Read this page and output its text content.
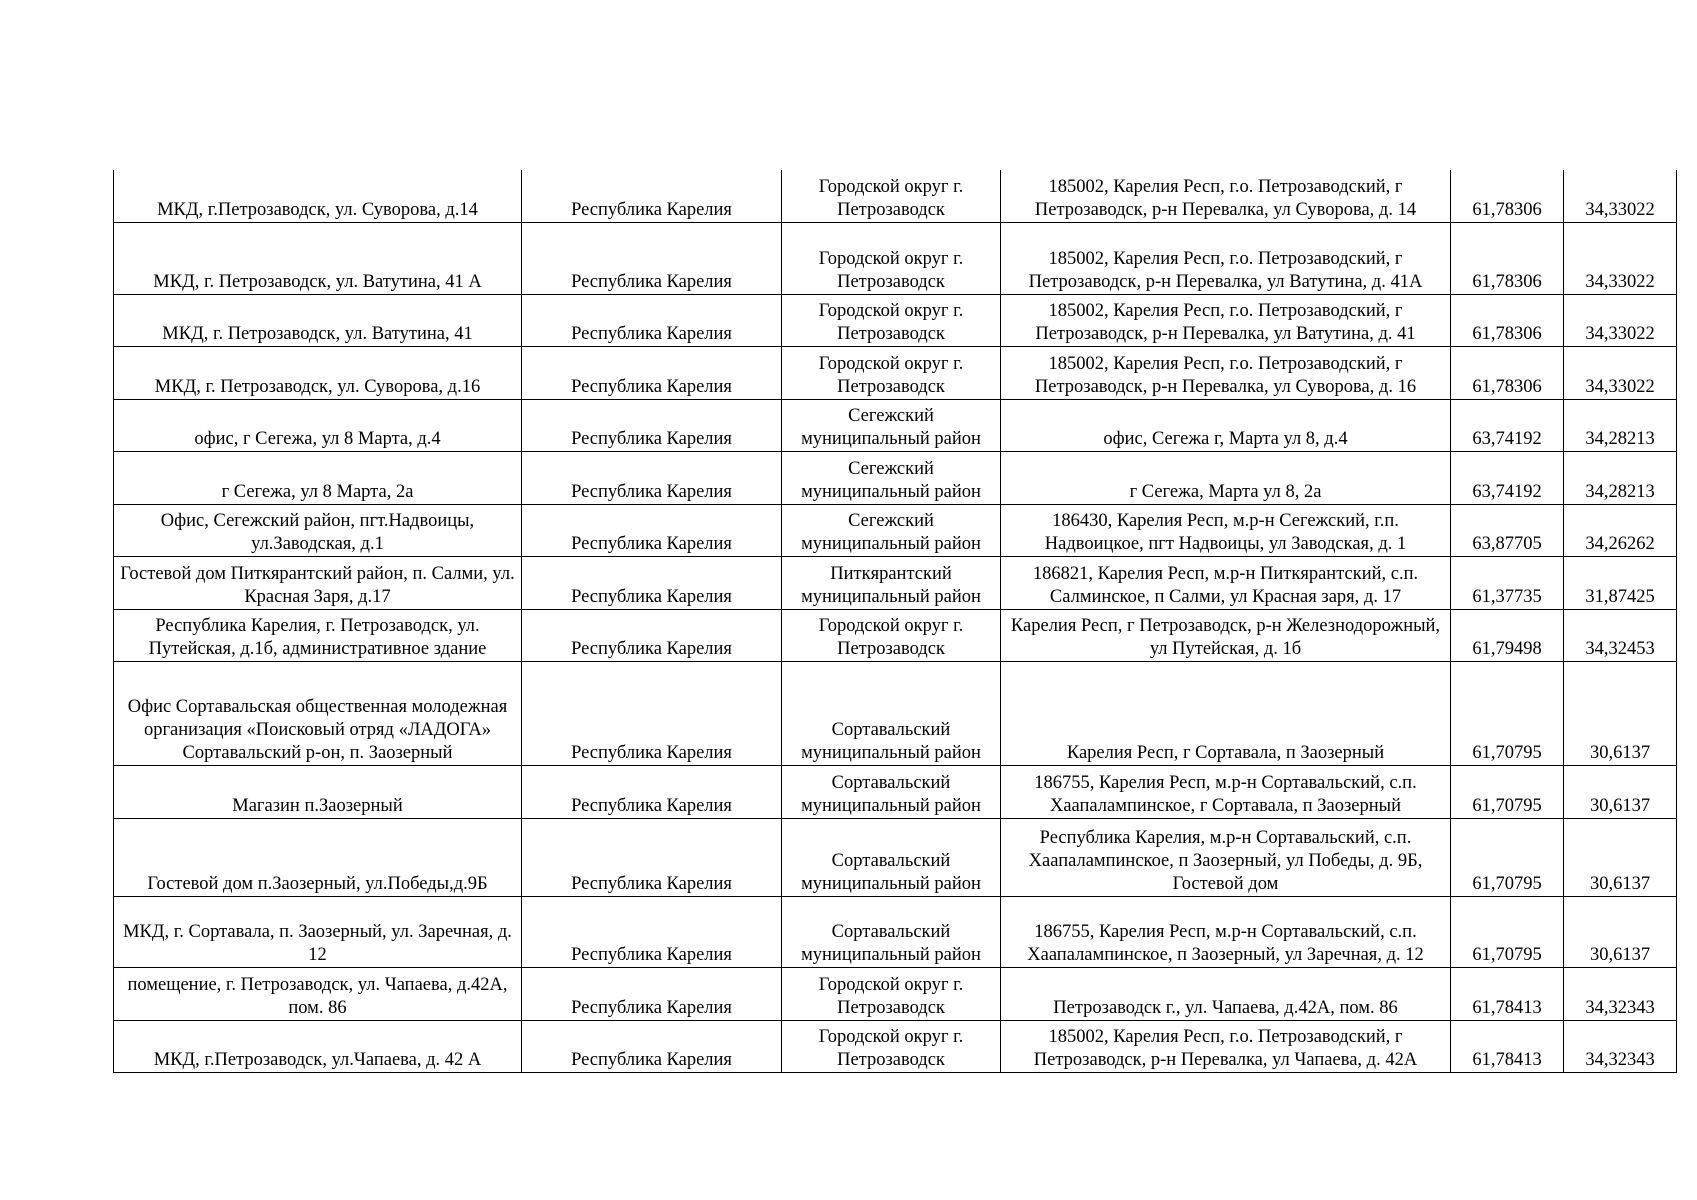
МКД, г.Петрозаводск, ул. Суворова, д.14	Республика Карелия	Городской округ г. Петрозаводск	185002, Карелия Респ, г.о. Петрозаводский, г Петрозаводск, р-н Перевалка, ул Суворова, д. 14	61,78306	34,33022
МКД, г. Петрозаводск, ул. Ватутина, 41 А	Республика Карелия	Городской округ г. Петрозаводск	185002, Карелия Респ, г.о. Петрозаводский, г Петрозаводск, р-н Перевалка, ул Ватутина, д. 41А	61,78306	34,33022
МКД, г. Петрозаводск, ул. Ватутина, 41	Республика Карелия	Городской округ г. Петрозаводск	185002, Карелия Респ, г.о. Петрозаводский, г Петрозаводск, р-н Перевалка, ул Ватутина, д. 41	61,78306	34,33022
МКД, г. Петрозаводск, ул. Суворова, д.16	Республика Карелия	Городской округ г. Петрозаводск	185002, Карелия Респ, г.о. Петрозаводский, г Петрозаводск, р-н Перевалка, ул Суворова, д. 16	61,78306	34,33022
офис, г Сегежа, ул 8 Марта, д.4	Республика Карелия	Сегежский муниципальный район	офис, Сегежа г, Марта ул 8, д.4	63,74192	34,28213
г Сегежа, ул 8 Марта, 2а	Республика Карелия	Сегежский муниципальный район	г Сегежа, Марта ул 8, 2а	63,74192	34,28213
Офис, Сегежский район, пгт.Надвоицы, ул.Заводская, д.1	Республика Карелия	Сегежский муниципальный район	186430, Карелия Респ, м.р-н Сегежский, г.п. Надвоицкое, пгт Надвоицы, ул Заводская, д. 1	63,87705	34,26262
Гостевой дом Питкярантский район, п. Салми, ул. Красная Заря, д.17	Республика Карелия	Питкярантский муниципальный район	186821, Карелия Респ, м.р-н Питкярантский, с.п. Салминское, п Салми, ул Красная заря, д. 17	61,37735	31,87425
Республика Карелия, г. Петрозаводск, ул. Путейская, д.1б, административное здание	Республика Карелия	Городской округ г. Петрозаводск	Карелия Респ, г Петрозаводск, р-н Железнодорожный, ул Путейская, д. 1б	61,79498	34,32453
Офис Сортавальская общественная молодежная организация «Поисковый отряд «ЛАДОГА» Сортавальский р-он, п. Заозерный	Республика Карелия	Сортавальский муниципальный район	Карелия Респ, г Сортавала, п Заозерный	61,70795	30,6137
Магазин п.Заозерный	Республика Карелия	Сортавальский муниципальный район	186755, Карелия Респ, м.р-н Сортавальский, с.п. Хаапалампинское, г Сортавала, п Заозерный	61,70795	30,6137
Гостевой дом п.Заозерный, ул.Победы,д.9Б	Республика Карелия	Сортавальский муниципальный район	Республика Карелия, м.р-н Сортавальский, с.п. Хаапалампинское, п Заозерный, ул Победы, д. 9Б, Гостевой дом	61,70795	30,6137
МКД, г. Сортавала, п. Заозерный, ул. Заречная, д. 12	Республика Карелия	Сортавальский муниципальный район	186755, Карелия Респ, м.р-н Сортавальский, с.п. Хаапалампинское, п Заозерный, ул Заречная, д. 12	61,70795	30,6137
помещение, г. Петрозаводск, ул. Чапаева, д.42А, пом. 86	Республика Карелия	Городской округ г. Петрозаводск	Петрозаводск г., ул. Чапаева, д.42А, пом. 86	61,78413	34,32343
МКД, г.Петрозаводск, ул.Чапаева, д. 42 А	Республика Карелия	Городской округ г. Петрозаводск	185002, Карелия Респ, г.о. Петрозаводский, г Петрозаводск, р-н Перевалка, ул Чапаева, д. 42А	61,78413	34,32343
